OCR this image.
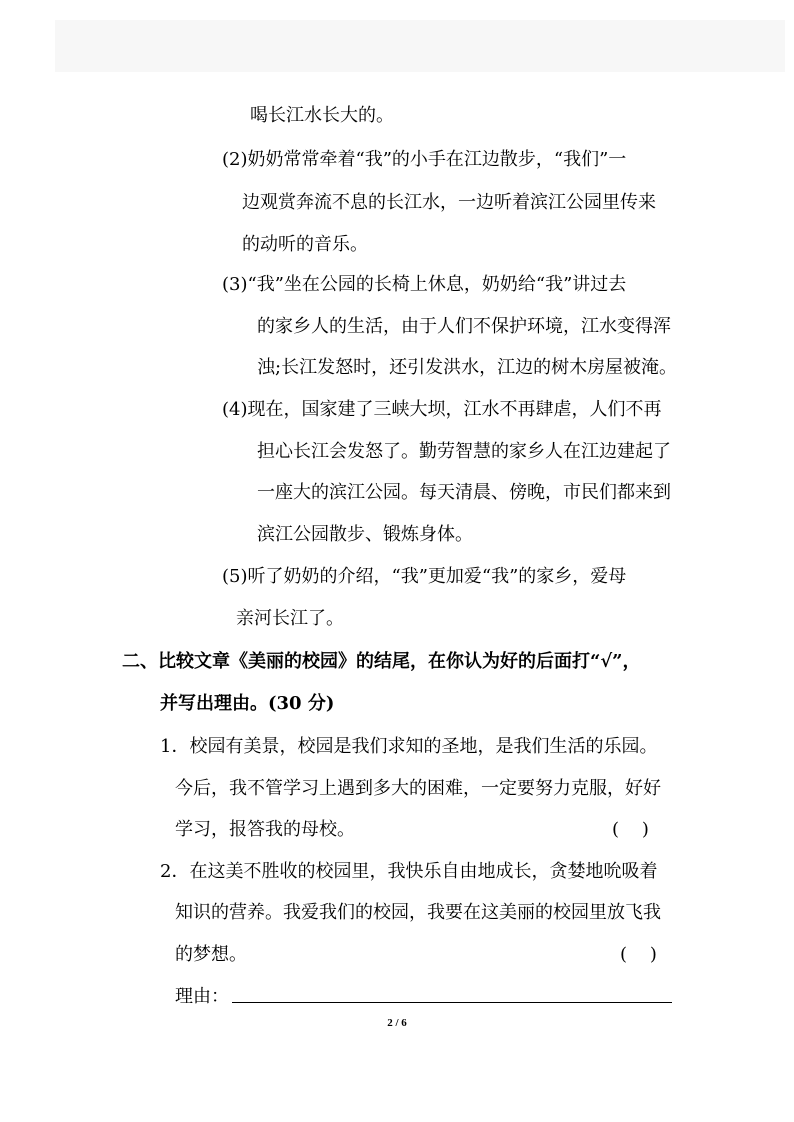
喝长江水长大的。
(2)奶奶常常牵着“我”的小手在江边散步，“我们”一
边观赏奔流不息的长江水，一边听着滨江公园里传来
的动听的音乐。
(3)“我”坐在公园的长椅上休息，奶奶给“我”讲过去
的家乡人的生活，由于人们不保护环境，江水变得浑
浊;长江发怒时，还引发洪水，江边的树木房屋被淹。
(4)现在，国家建了三峡大坝，江水不再肆虐，人们不再
担心长江会发怒了。勤劳智慧的家乡人在江边建起了
一座大的滨江公园。每天清晨、傍晚，市民们都来到
滨江公园散步、锻炼身体。
(5)听了奶奶的介绍，“我”更加爱“我”的家乡，爱母
亲河长江了。
二、比较文章《美丽的校园》的结尾，在你认为好的后面打“√”，
并写出理由。(30 分)
1．校园有美景，校园是我们求知的圣地，是我们生活的乐园。
今后，我不管学习上遇到多大的困难，一定要努力克服，好好
学习，报答我的母校。	(    )
2．在这美不胜收的校园里，我快乐自由地成长，贪婪地吮吸着
知识的营养。我爱我们的校园，我要在这美丽的校园里放飞我
的梦想。	(    )
理由：
2 / 6
